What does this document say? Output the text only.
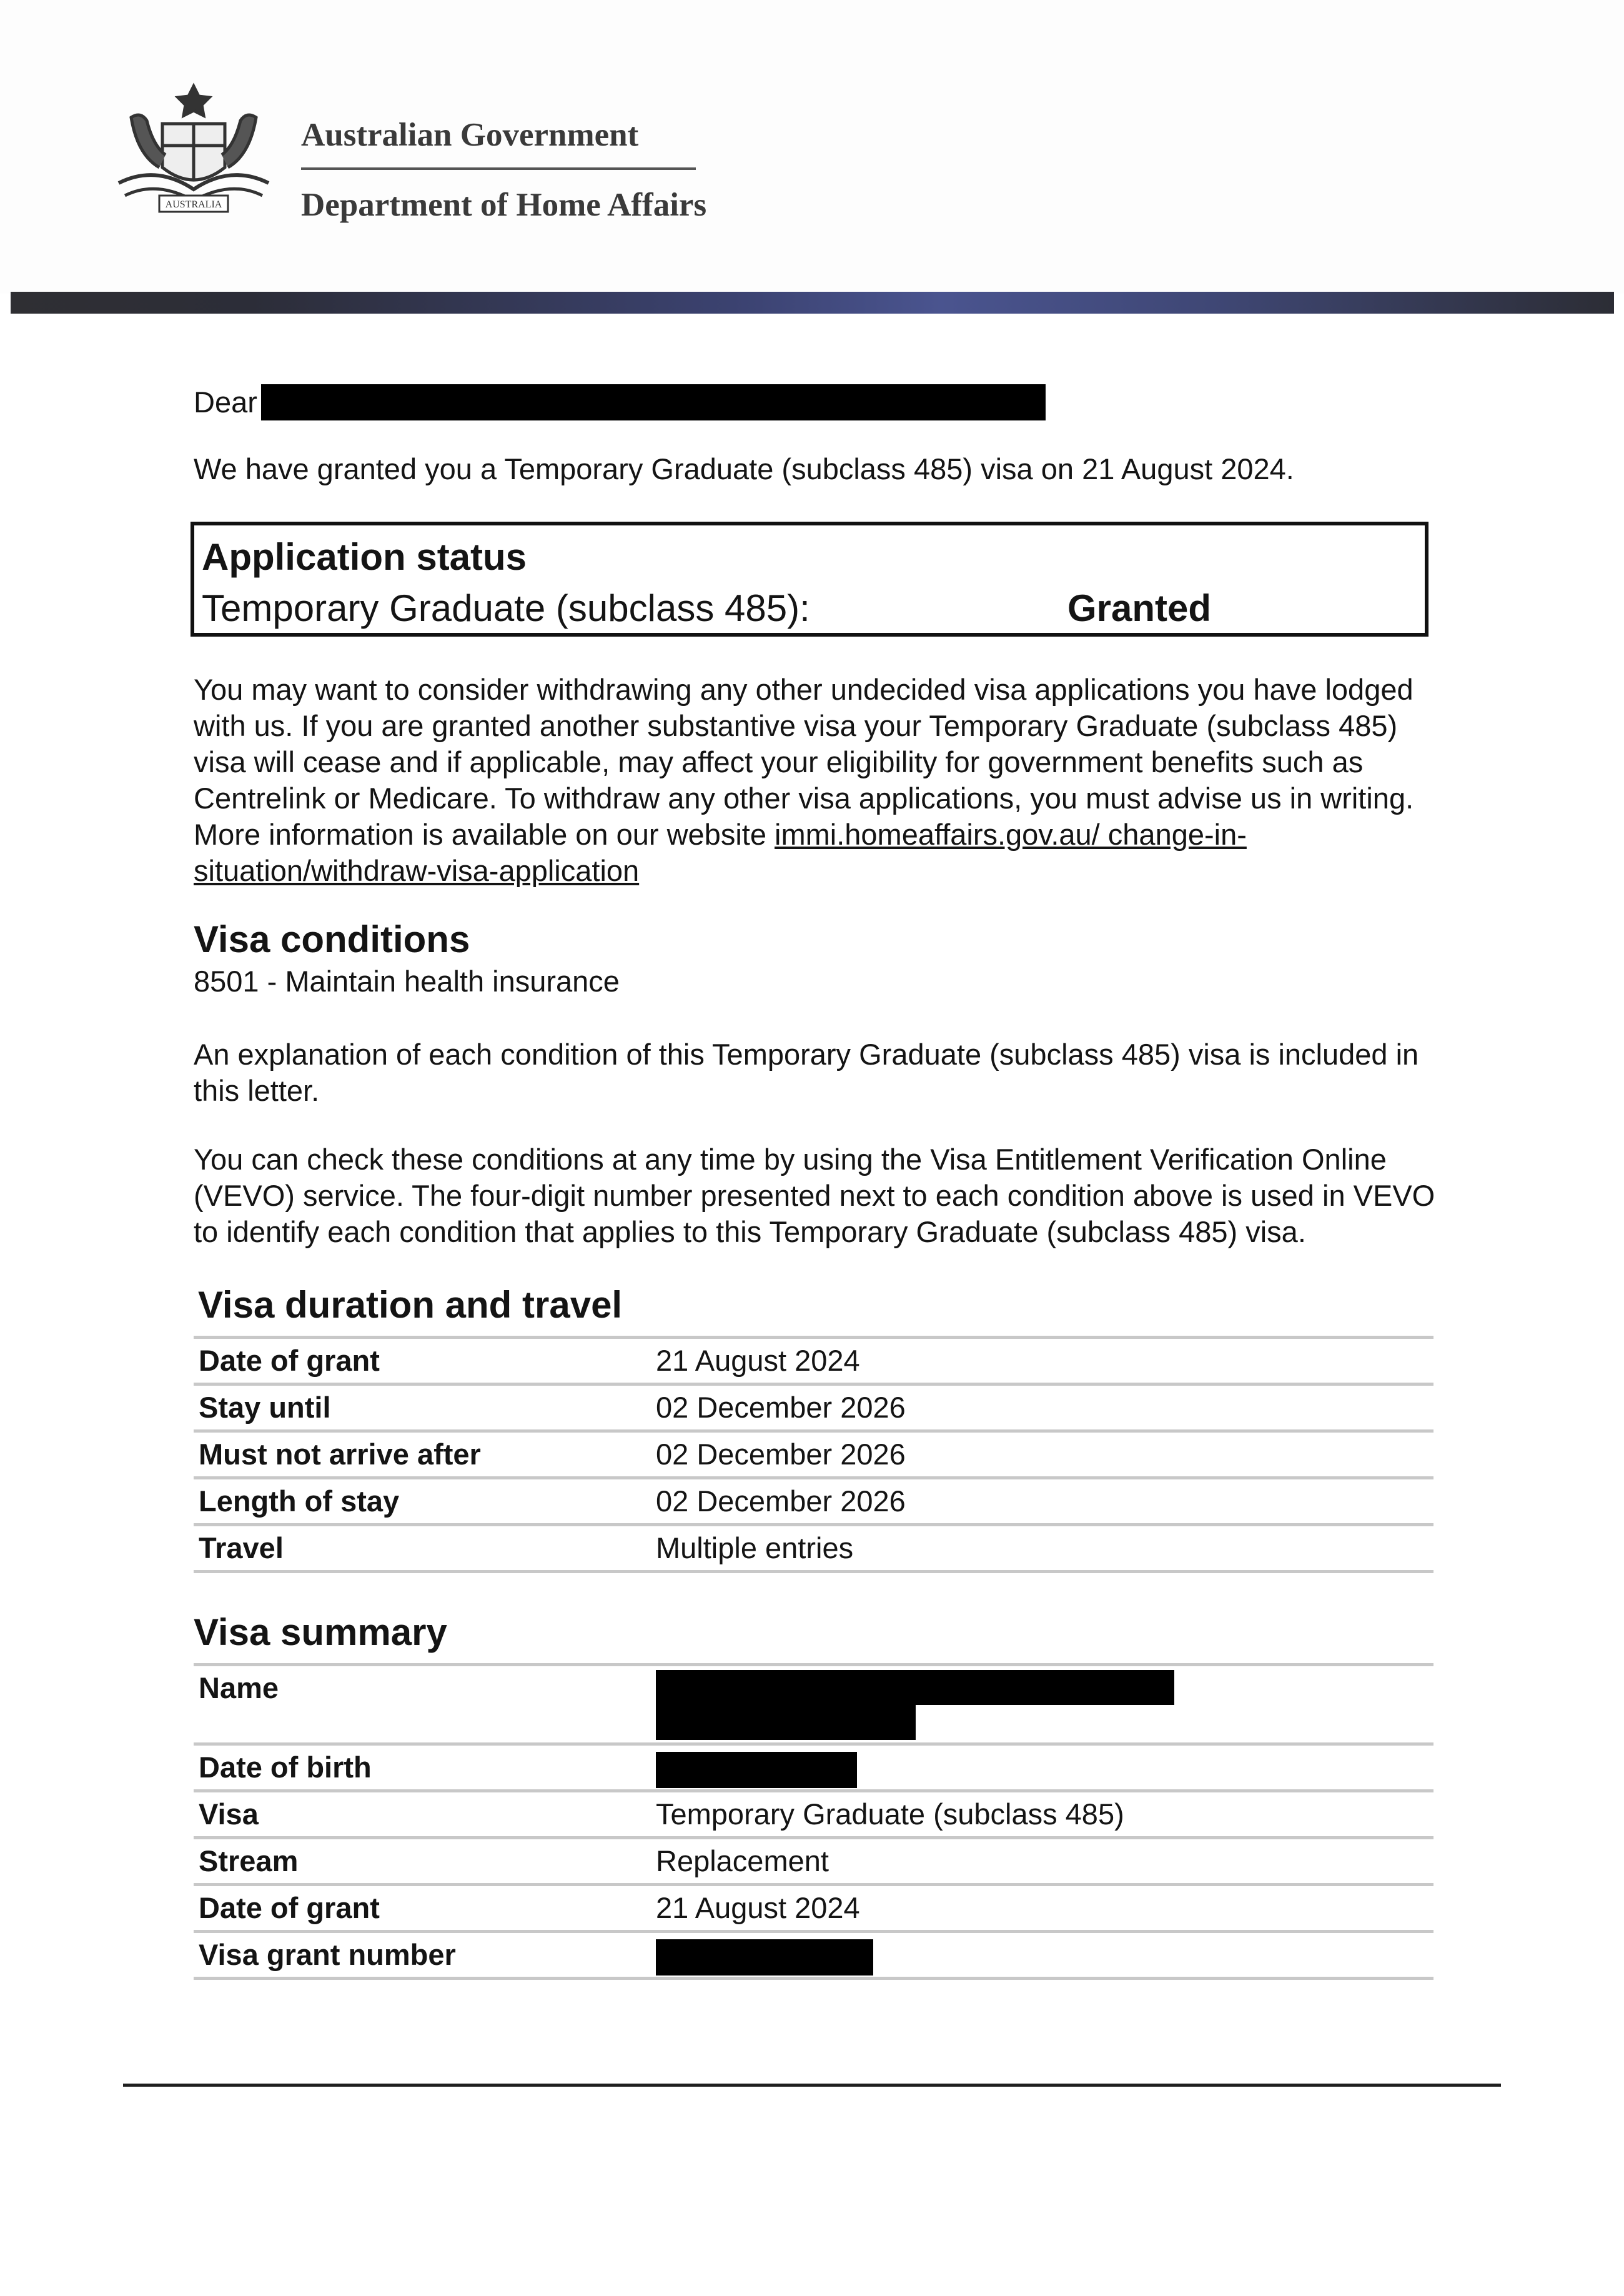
AUSTRALIA
Australian Government
Department of Home Affairs
Dear

We have granted you a Temporary Graduate (subclass 485) visa on 21 August 2024.

Application status
Temporary Graduate (subclass 485):	Granted

You may want to consider withdrawing any other undecided visa applications you have lodged with us. If you are granted another substantive visa your Temporary Graduate (subclass 485) visa will cease and if applicable, may affect your eligibility for government benefits such as Centrelink or Medicare. To withdraw any other visa applications, you must advise us in writing. More information is available on our website immi.homeaffairs.gov.au/ change-in-situation/withdraw-visa-application

Visa conditions

8501 - Maintain health insurance

An explanation of each condition of this Temporary Graduate (subclass 485) visa is included in this letter.

You can check these conditions at any time by using the Visa Entitlement Verification Online (VEVO) service. The four-digit number presented next to each condition above is used in VEVO to identify each condition that applies to this Temporary Graduate (subclass 485) visa.

Visa duration and travel
Date of grant	21 August 2024
Stay until	02 December 2026
Must not arrive after	02 December 2026
Length of stay	02 December 2026
Travel	Multiple entries
Visa summary
Name	

Date of birth	
Visa	Temporary Graduate (subclass 485)
Stream	Replacement
Date of grant	21 August 2024
Visa grant number	
